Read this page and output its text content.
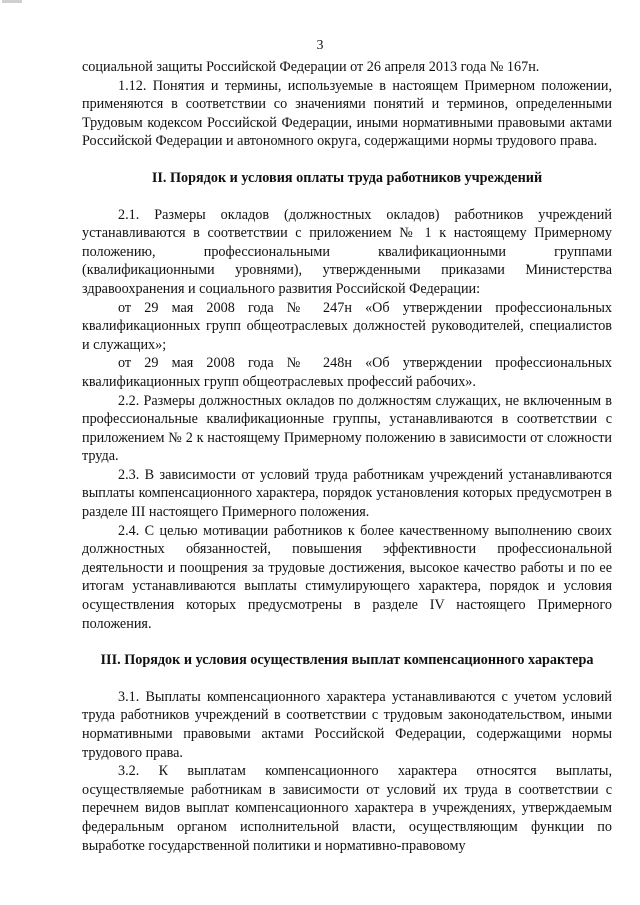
3

социальной защиты Российской Федерации от 26 апреля 2013 года № 167н.

1.12. Понятия и термины, используемые в настоящем Примерном положении, применяются в соответствии со значениями понятий и терминов, определенными Трудовым кодексом Российской Федерации, иными нормативными правовыми актами Российской Федерации и автономного округа, содержащими нормы трудового права.

II. Порядок и условия оплаты труда работников учреждений

2.1. Размеры окладов (должностных окладов) работников учреждений устанавливаются в соответствии с приложением № 1 к настоящему Примерному положению, профессиональными квалификационными группами (квалификационными уровнями), утвержденными приказами Министерства здравоохранения и социального развития Российской Федерации:

от 29 мая 2008 года № 247н «Об утверждении профессиональных квалификационных групп общеотраслевых должностей руководителей, специалистов и служащих»;

от 29 мая 2008 года № 248н «Об утверждении профессиональных квалификационных групп общеотраслевых профессий рабочих».

2.2. Размеры должностных окладов по должностям служащих, не включенным в профессиональные квалификационные группы, устанавливаются в соответствии с приложением № 2 к настоящему Примерному положению в зависимости от сложности труда.

2.3. В зависимости от условий труда работникам учреждений устанавливаются выплаты компенсационного характера, порядок установления которых предусмотрен в разделе III настоящего Примерного положения.

2.4. С целью мотивации работников к более качественному выполнению своих должностных обязанностей, повышения эффективности профессиональной деятельности и поощрения за трудовые достижения, высокое качество работы и по ее итогам устанавливаются выплаты стимулирующего характера, порядок и условия осуществления которых предусмотрены в разделе IV настоящего Примерного положения.

III. Порядок и условия осуществления выплат компенсационного характера

3.1. Выплаты компенсационного характера устанавливаются с учетом условий труда работников учреждений в соответствии с трудовым законодательством, иными нормативными правовыми актами Российской Федерации, содержащими нормы трудового права.

3.2. К выплатам компенсационного характера относятся выплаты, осуществляемые работникам в зависимости от условий их труда в соответствии с перечнем видов выплат компенсационного характера в учреждениях, утверждаемым федеральным органом исполнительной власти, осуществляющим функции по выработке государственной политики и нормативно-правовому
